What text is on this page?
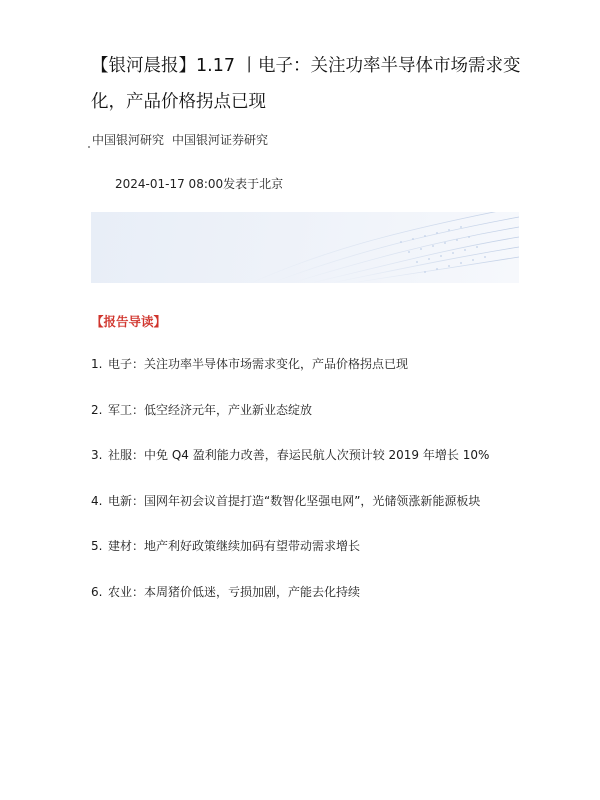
【银河晨报】1.17 丨电子：关注功率半导体市场需求变化，产品价格拐点已现
中国银河研究 中国银河证券研究
2024-01-17 08:00发表于北京
【报告导读】
1. 电子：关注功率半导体市场需求变化，产品价格拐点已现
2. 军工：低空经济元年，产业新业态绽放
3. 社服：中免 Q4 盈利能力改善，春运民航人次预计较 2019 年增长 10%
4. 电新：国网年初会议首提打造“数智化坚强电网”，光储领涨新能源板块
5. 建材：地产利好政策继续加码有望带动需求增长
6. 农业：本周猪价低迷，亏损加剧，产能去化持续
